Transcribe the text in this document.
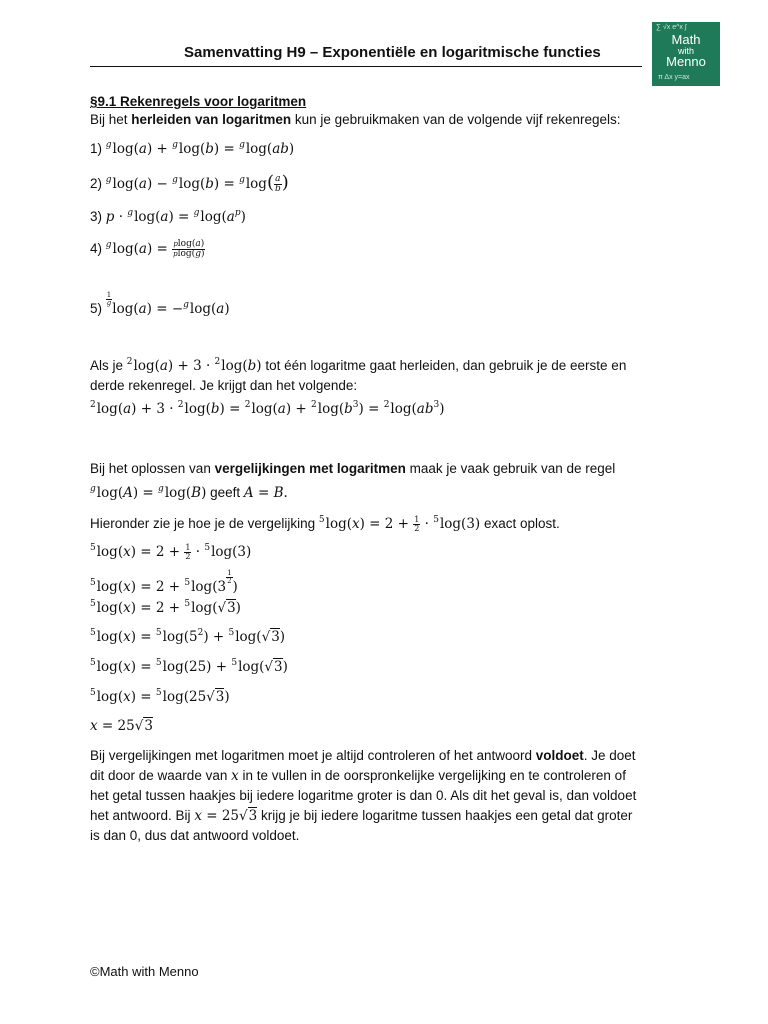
Samenvatting H9 – Exponentiële en logaritmische functies
∑ √x e^x ∫
Math
with
Menno
π Δx y=ax
§9.1 Rekenregels voor logaritmen
Bij het herleiden van logaritmen kun je gebruikmaken van de volgende vijf rekenregels:
1) $^g$log(a) + $^g$log(b) = $^g$log(ab)
2) $^g\log(a) - ^g\log(b) = ^g\log( \frac{a}{b}$ )
3) $p \cdot ^g\log(a) = ^g\log(a^p)$
4) $^g\log(a) = \frac{plog(a)}{plog(g)}$
5)
$\frac{1}{g}$
log(a) = −$^g$log(a)
Als je $^2$log(a) + 3 · $^2$log(b) tot één logaritme gaat herleiden, dan gebruik je de eerste en
derde rekenregel. Je krijgt dan het volgende:
$^2\log(a) + 3 \cdot ^2\log(b) = ^2\log(a) + ^2\log(b^3) = ^2\log(ab^3)$
Bij het oplossen van vergelijkingen met logaritmen maak je vaak gebruik van de regel
$^g$log(A) = $^g$log(B) geeft A = B.
Hieronder zie je hoe je de vergelijking $^5\log(x) = 2 + \frac{1}{2} \cdot ^5\log(3)$ exact oplost.
$^5\log(x) = 2 + \frac{1}{2} \cdot ^5\log(3)$
$^5$log(x) = 2 + $^5$log(3
$\frac{1}{2}$
)
$^5$log(x) = 2 + $^5$log(√3)
$^5\log(x) = ^5\log(5^2) + ^5\log(√3)$
$^5$log(x) = $^5$log(25) + $^5$log(√3)
$^5$log(x) = $^5$log(25√3)
x = 25√3
Bij vergelijkingen met logaritmen moet je altijd controleren of het antwoord voldoet. Je doet
dit door de waarde van x in te vullen in de oorspronkelijke vergelijking en te controleren of
het getal tussen haakjes bij iedere logaritme groter is dan 0. Als dit het geval is, dan voldoet
het antwoord. Bij x = 25√3 krijg je bij iedere logaritme tussen haakjes een getal dat groter
is dan 0, dus dat antwoord voldoet.
©Math with Menno
